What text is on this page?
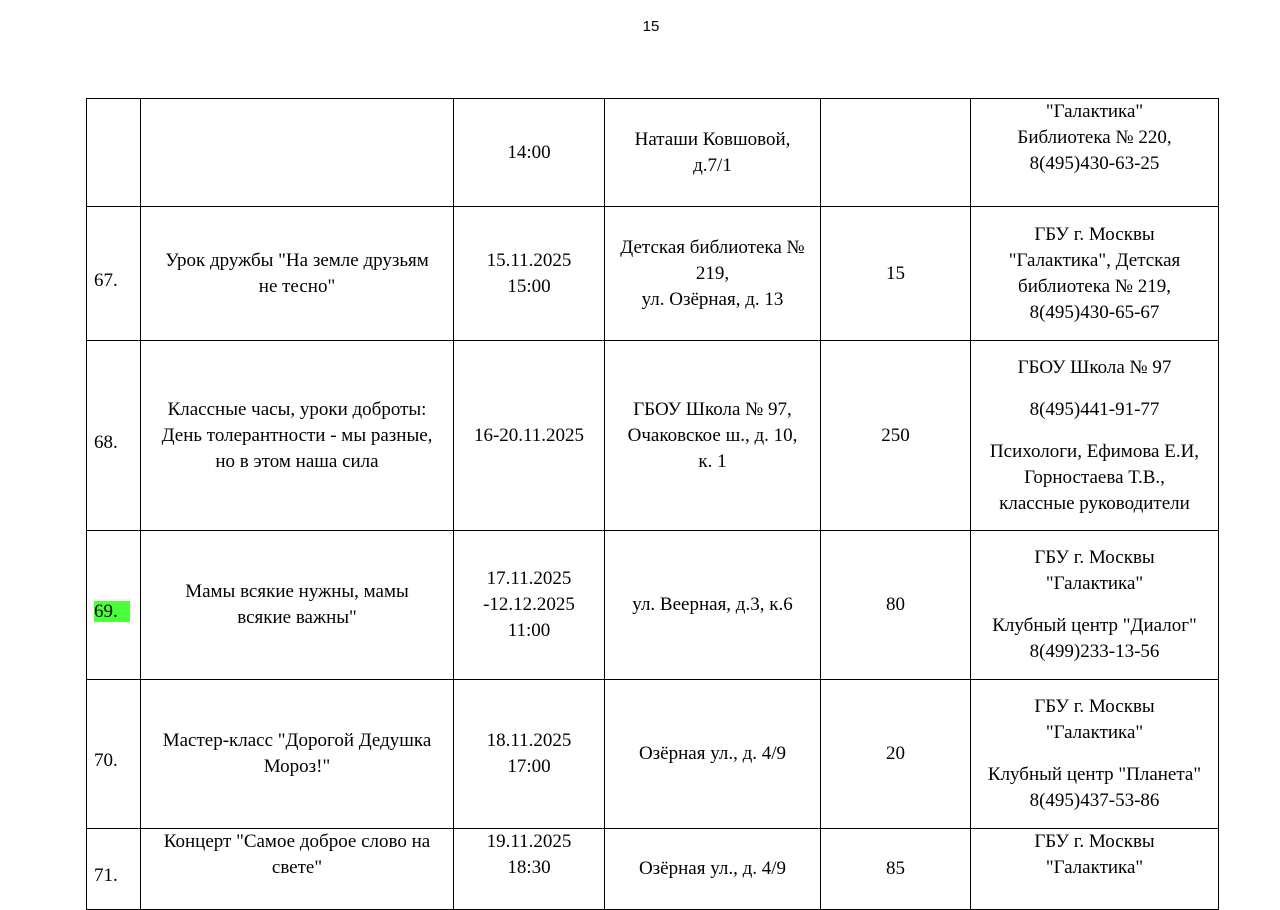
15

		14:00	Наташи Ковшовой,
д.7/1		"Галактика"
Библиотека № 220,
8(495)430-63-25

67.	Урок дружбы "На земле друзьям
не тесно"	15.11.2025
15:00	Детская библиотека №
219,
ул. Озёрная, д. 13	15	ГБУ г. Москвы
"Галактика", Детская
библиотека № 219,
8(495)430-65-67

68.	Классные часы, уроки доброты:
День толерантности - мы разные,
но в этом наша сила	16-20.11.2025	ГБОУ Школа № 97,
Очаковское ш., д. 10,
к. 1	250	ГБОУ Школа № 97
8(495)441-91-77
Психологи, Ефимова Е.И,
Горностаева Т.В.,
классные руководители

69.	Мамы всякие нужны, мамы
всякие важны"	17.11.2025
-12.12.2025
11:00	ул. Веерная, д.3, к.6	80	ГБУ г. Москвы
"Галактика"
Клубный центр "Диалог"
8(499)233-13-56

70.	Мастер-класс "Дорогой Дедушка
Мороз!"	18.11.2025
17:00	Озёрная ул., д. 4/9	20	ГБУ г. Москвы
"Галактика"
Клубный центр "Планета"
8(495)437-53-86

71.	Концерт "Самое доброе слово на
свете"	19.11.2025
18:30	Озёрная ул., д. 4/9	85	ГБУ г. Москвы
"Галактика"
